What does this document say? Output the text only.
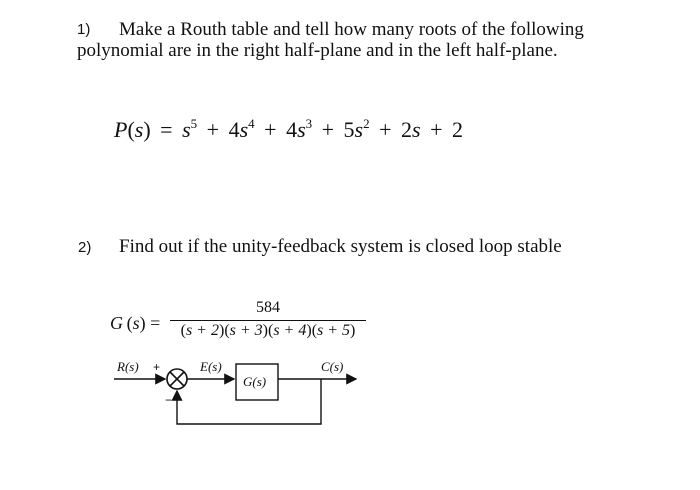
1) Make a Routh table and tell how many roots of the following
polynomial are in the right half-plane and in the left half-plane.
$P(s) = s^5 + 4s^4 + 4s^3 + 5s^2 + 2s + 2$
2) Find out if the unity-feedback system is closed loop stable
G (s) =
584
(s + 2)(s + 3)(s + 4)(s + 5)
R(s) +
−
E(s)
G(s)
C(s)
